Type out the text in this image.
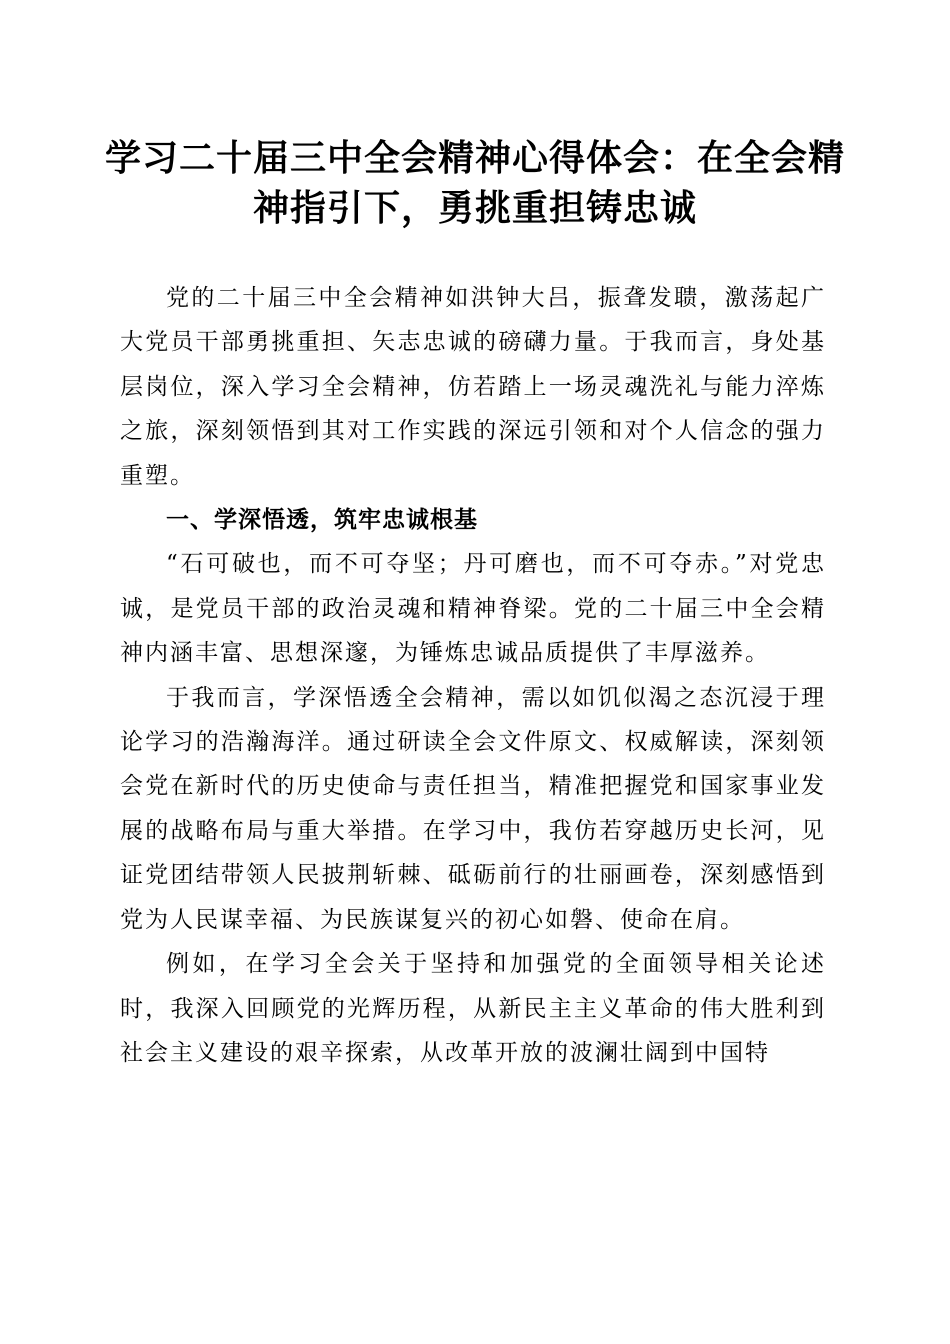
学习二十届三中全会精神心得体会：在全会精神指引下，勇挑重担铸忠诚

党的二十届三中全会精神如洪钟大吕，振聋发聩，激荡起广大党员干部勇挑重担、矢志忠诚的磅礴力量。于我而言，身处基层岗位，深入学习全会精神，仿若踏上一场灵魂洗礼与能力淬炼之旅，深刻领悟到其对工作实践的深远引领和对个人信念的强力重塑。

一、学深悟透，筑牢忠诚根基

“石可破也，而不可夺坚；丹可磨也，而不可夺赤。”对党忠诚，是党员干部的政治灵魂和精神脊梁。党的二十届三中全会精神内涵丰富、思想深邃，为锤炼忠诚品质提供了丰厚滋养。

于我而言，学深悟透全会精神，需以如饥似渴之态沉浸于理论学习的浩瀚海洋。通过研读全会文件原文、权威解读，深刻领会党在新时代的历史使命与责任担当，精准把握党和国家事业发展的战略布局与重大举措。在学习中，我仿若穿越历史长河，见证党团结带领人民披荆斩棘、砥砺前行的壮丽画卷，深刻感悟到党为人民谋幸福、为民族谋复兴的初心如磐、使命在肩。

例如，在学习全会关于坚持和加强党的全面领导相关论述时，我深入回顾党的光辉历程，从新民主主义革命的伟大胜利到社会主义建设的艰辛探索，从改革开放的波澜壮阔到中国特
